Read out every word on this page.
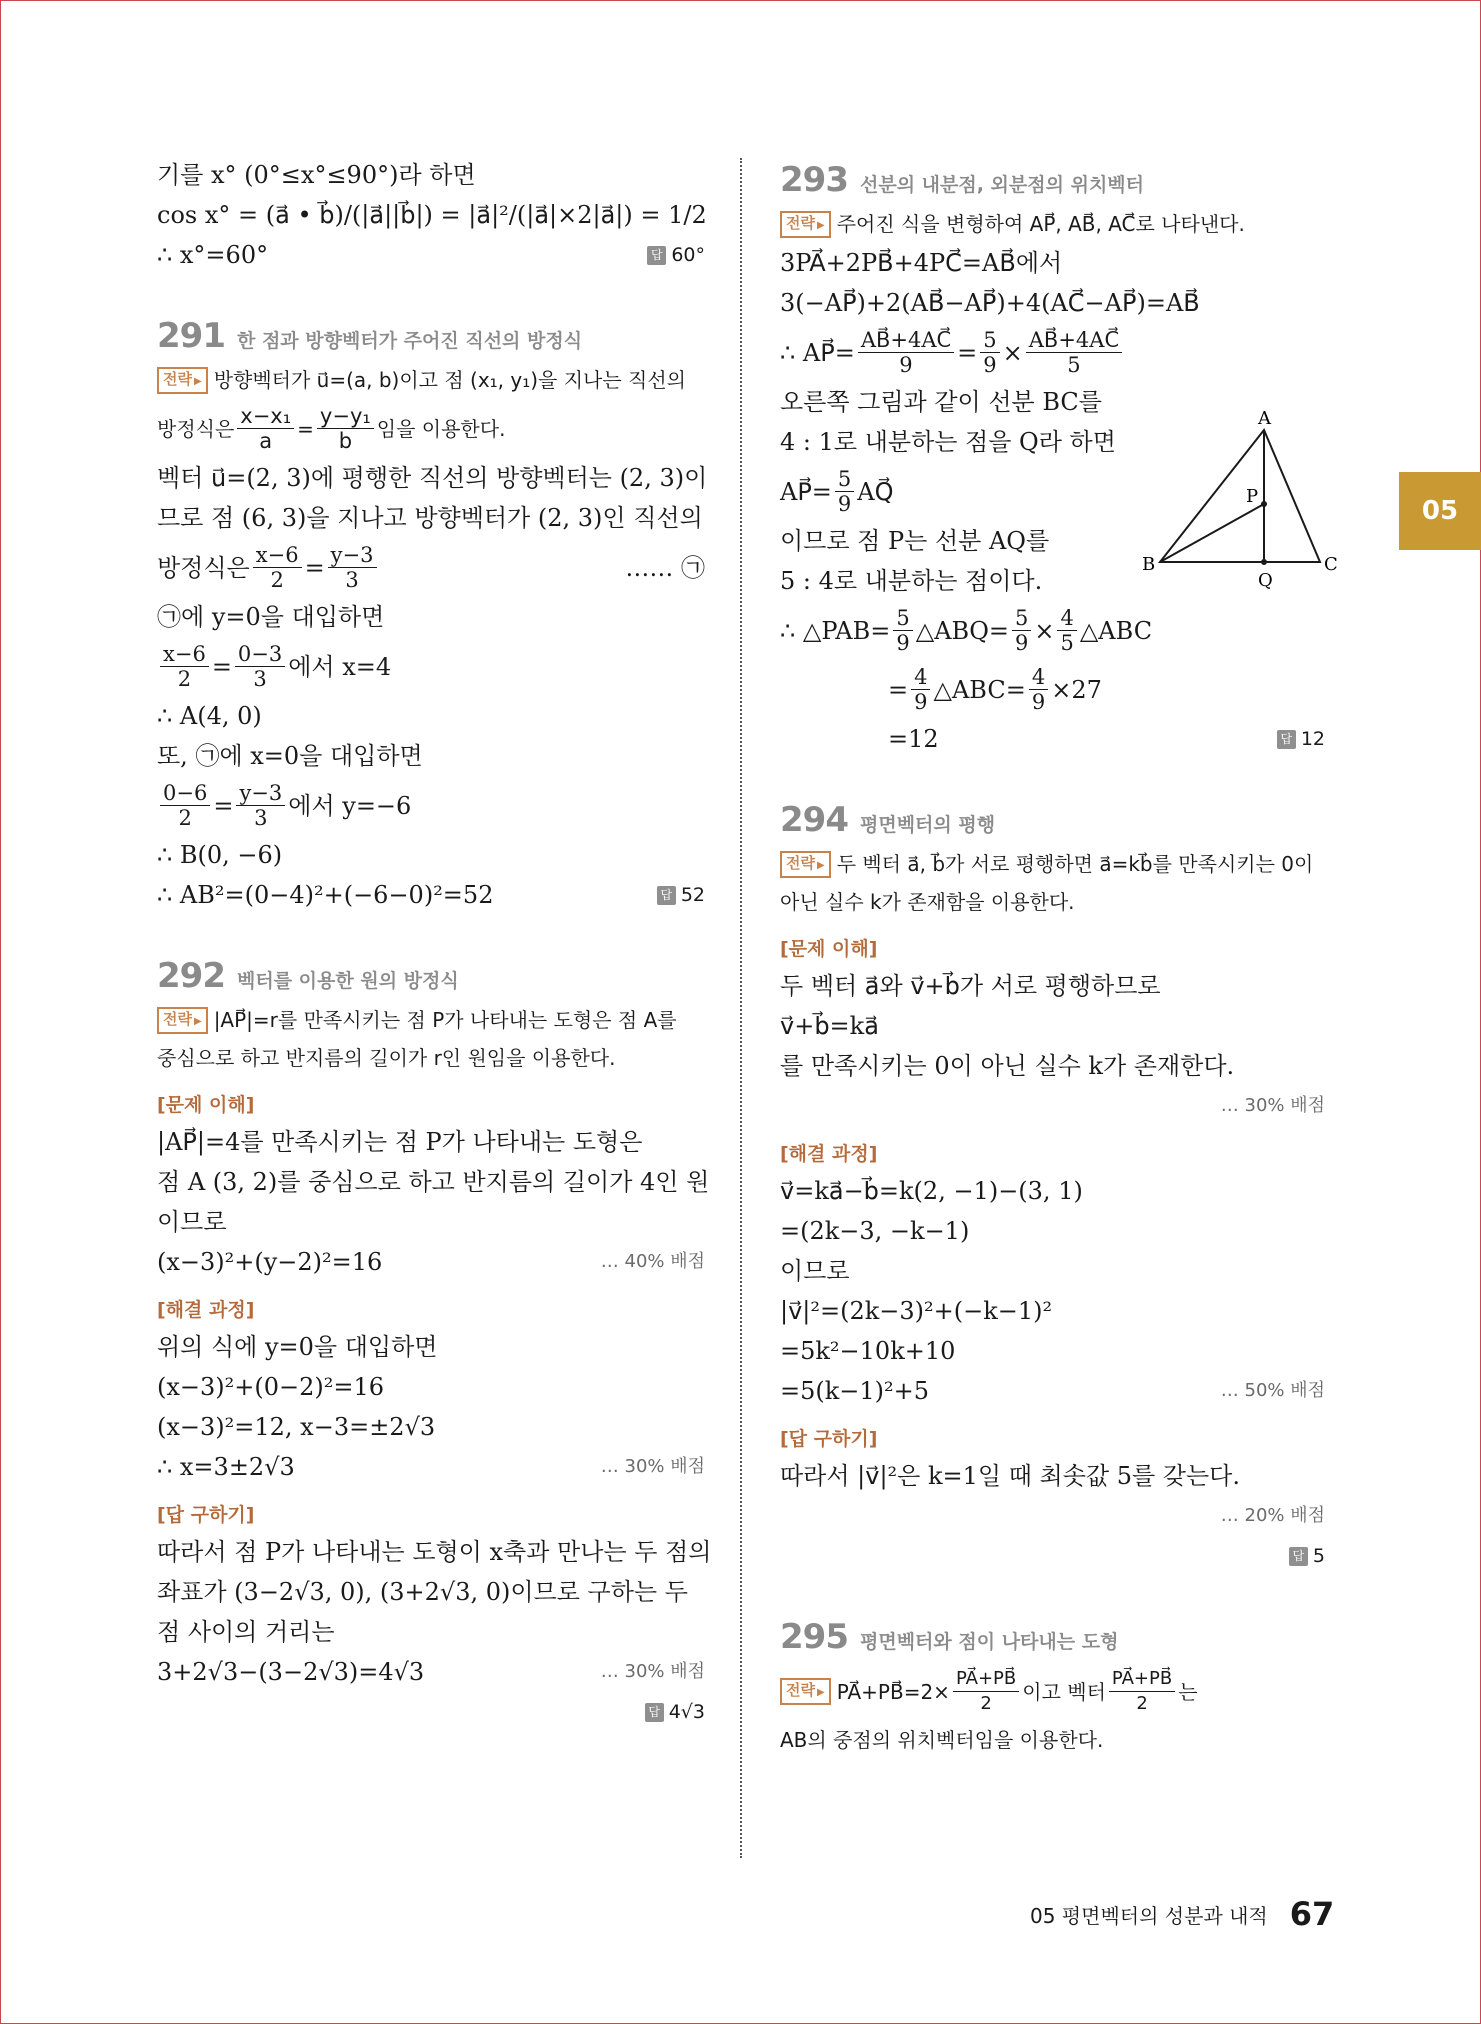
기를 x° (0°≤x°≤90°)라 하면
cos x° = (a⃗ • b⃗)/(|a⃗||b⃗|) = |a⃗|²/(|a⃗|×2|a⃗|) = 1/2
∴ x°=60°	답 60°
291 한 점과 방향벡터가 주어진 직선의 방정식
전략 ▶	방향벡터가 u⃗=(a, b)이고 점 (x₁, y₁)을 지나는 직선의
방정식은 $\frac{\text{x−x₁}}{a} = \frac{\text{y−y₁}}{b}$ 임을 이용한다.
벡터 u⃗=(2, 3)에 평행한 직선의 방향벡터는 (2, 3)이
므로 점 (6, 3)을 지나고 방향벡터가 (2, 3)인 직선의
방정식은 $\frac{x-6}{2} = \frac{y-3}{3}$	…… ㉠
㉠에 y=0을 대입하면
$\frac{x-6}{2} = \frac{0-3}{3}$ 에서 x=4
∴ A(4, 0)
또, ㉠에 x=0을 대입하면
$\frac{0-6}{2} = \frac{y-3}{3}$ 에서 y=−6
∴ B(0, −6)
∴ AB²=(0−4)²+(−6−0)²=52	답 52
292 벡터를 이용한 원의 방정식
전략 ▶	|AP⃗|=r를 만족시키는 점 P가 나타내는 도형은 점 A를
중심으로 하고 반지름의 길이가 r인 원임을 이용한다.
[문제 이해]
|AP⃗|=4를 만족시키는 점 P가 나타내는 도형은
점 A (3, 2)를 중심으로 하고 반지름의 길이가 4인 원
이므로
(x−3)²+(y−2)²=16	… 40% 배점
[해결 과정]
위의 식에 y=0을 대입하면
(x−3)²+(0−2)²=16
(x−3)²=12, x−3=±2√3
∴ x=3±2√3	… 30% 배점
[답 구하기]
따라서 점 P가 나타내는 도형이 x축과 만나는 두 점의
좌표가 (3−2√3, 0), (3+2√3, 0)이므로 구하는 두
점 사이의 거리는
3+2√3−(3−2√3)=4√3	… 30% 배점
답 4√3
293 선분의 내분점, 외분점의 위치벡터
전략 ▶	주어진 식을 변형하여 AP⃗, AB⃗, AC⃗로 나타낸다.
3PA⃗+2PB⃗+4PC⃗=AB⃗에서
3(−AP⃗)+2(AB⃗−AP⃗)+4(AC⃗−AP⃗)=AB⃗
∴ AP⃗= $\frac{AB⃗+4AC⃗}{9} = \frac{5}{9} \times \frac{AB⃗+4AC⃗}{5}$
오른쪽 그림과 같이 선분 BC를
4 : 1로 내분하는 점을 Q라 하면
AP⃗= $\frac{5}{9}$ AQ⃗
이므로 점 P는 선분 AQ를
5 : 4로 내분하는 점이다.
∴ △PAB= $\frac{5}{9}$ △ABQ= $\frac{5}{9} \times \frac{4}{5}$ △ABC
= $\frac{4}{9}$ △ABC= $\frac{4}{9} \times 27$
=12	답 12
294 평면벡터의 평행
전략 ▶	두 벡터 a⃗, b⃗가 서로 평행하면 a⃗=kb⃗를 만족시키는 0이
아닌 실수 k가 존재함을 이용한다.
[문제 이해]
두 벡터 a⃗와 v⃗+b⃗가 서로 평행하므로
v⃗+b⃗=ka⃗
를 만족시키는 0이 아닌 실수 k가 존재한다.
… 30% 배점
[해결 과정]
v⃗=ka⃗−b⃗=k(2, −1)−(3, 1)
=(2k−3, −k−1)
이므로
|v⃗|²=(2k−3)²+(−k−1)²
=5k²−10k+10
=5(k−1)²+5	… 50% 배점
[답 구하기]
따라서 |v⃗|²은 k=1일 때 최솟값 5를 갖는다.
… 20% 배점
답 5
295 평면벡터와 점이 나타내는 도형
전략 ▶	PA⃗+PB⃗=2× $\frac{PA⃗+PB⃗}{2}$ 이고 벡터 $\frac{PA⃗+PB⃗}{2}$ 는
AB의 중점의 위치벡터임을 이용한다.
A
B	C
P
Q
05
05 평면벡터의 성분과 내적 67
